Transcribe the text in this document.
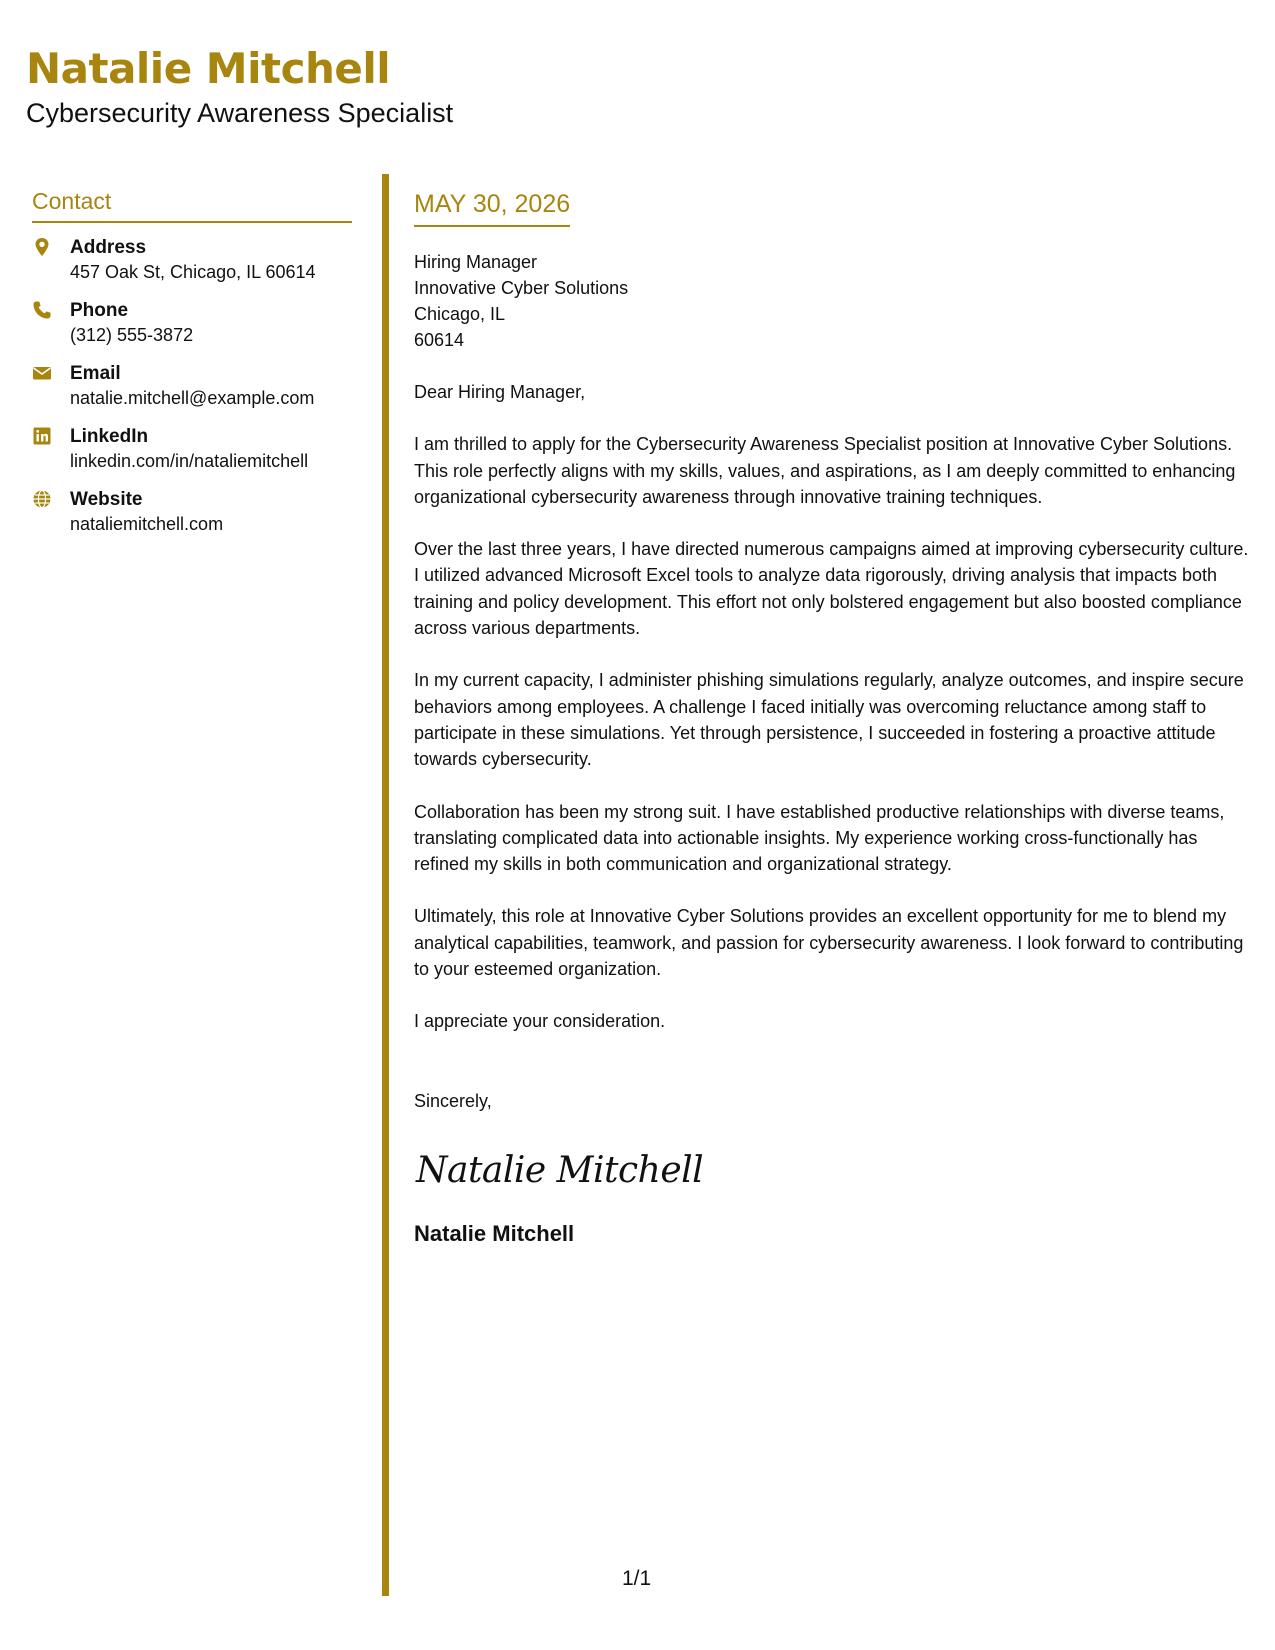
Natalie Mitchell
Cybersecurity Awareness Specialist
Contact
Address
457 Oak St, Chicago, IL 60614
Phone
(312) 555-3872
Email
natalie.mitchell@example.com
LinkedIn
linkedin.com/in/nataliemitchell
Website
nataliemitchell.com
MAY 30, 2026
Hiring Manager
Innovative Cyber Solutions
Chicago, IL
60614

Dear Hiring Manager,

I am thrilled to apply for the Cybersecurity Awareness Specialist position at Innovative Cyber Solutions. This role perfectly aligns with my skills, values, and aspirations, as I am deeply committed to enhancing organizational cybersecurity awareness through innovative training techniques.

Over the last three years, I have directed numerous campaigns aimed at improving cybersecurity culture. I utilized advanced Microsoft Excel tools to analyze data rigorously, driving analysis that impacts both training and policy development. This effort not only bolstered engagement but also boosted compliance across various departments.

In my current capacity, I administer phishing simulations regularly, analyze outcomes, and inspire secure behaviors among employees. A challenge I faced initially was overcoming reluctance among staff to participate in these simulations. Yet through persistence, I succeeded in fostering a proactive attitude towards cybersecurity.

Collaboration has been my strong suit. I have established productive relationships with diverse teams, translating complicated data into actionable insights. My experience working cross-functionally has refined my skills in both communication and organizational strategy.

Ultimately, this role at Innovative Cyber Solutions provides an excellent opportunity for me to blend my analytical capabilities, teamwork, and passion for cybersecurity awareness. I look forward to contributing to your esteemed organization.

I appreciate your consideration.

Sincerely,

Natalie Mitchell
Natalie Mitchell
1/1
